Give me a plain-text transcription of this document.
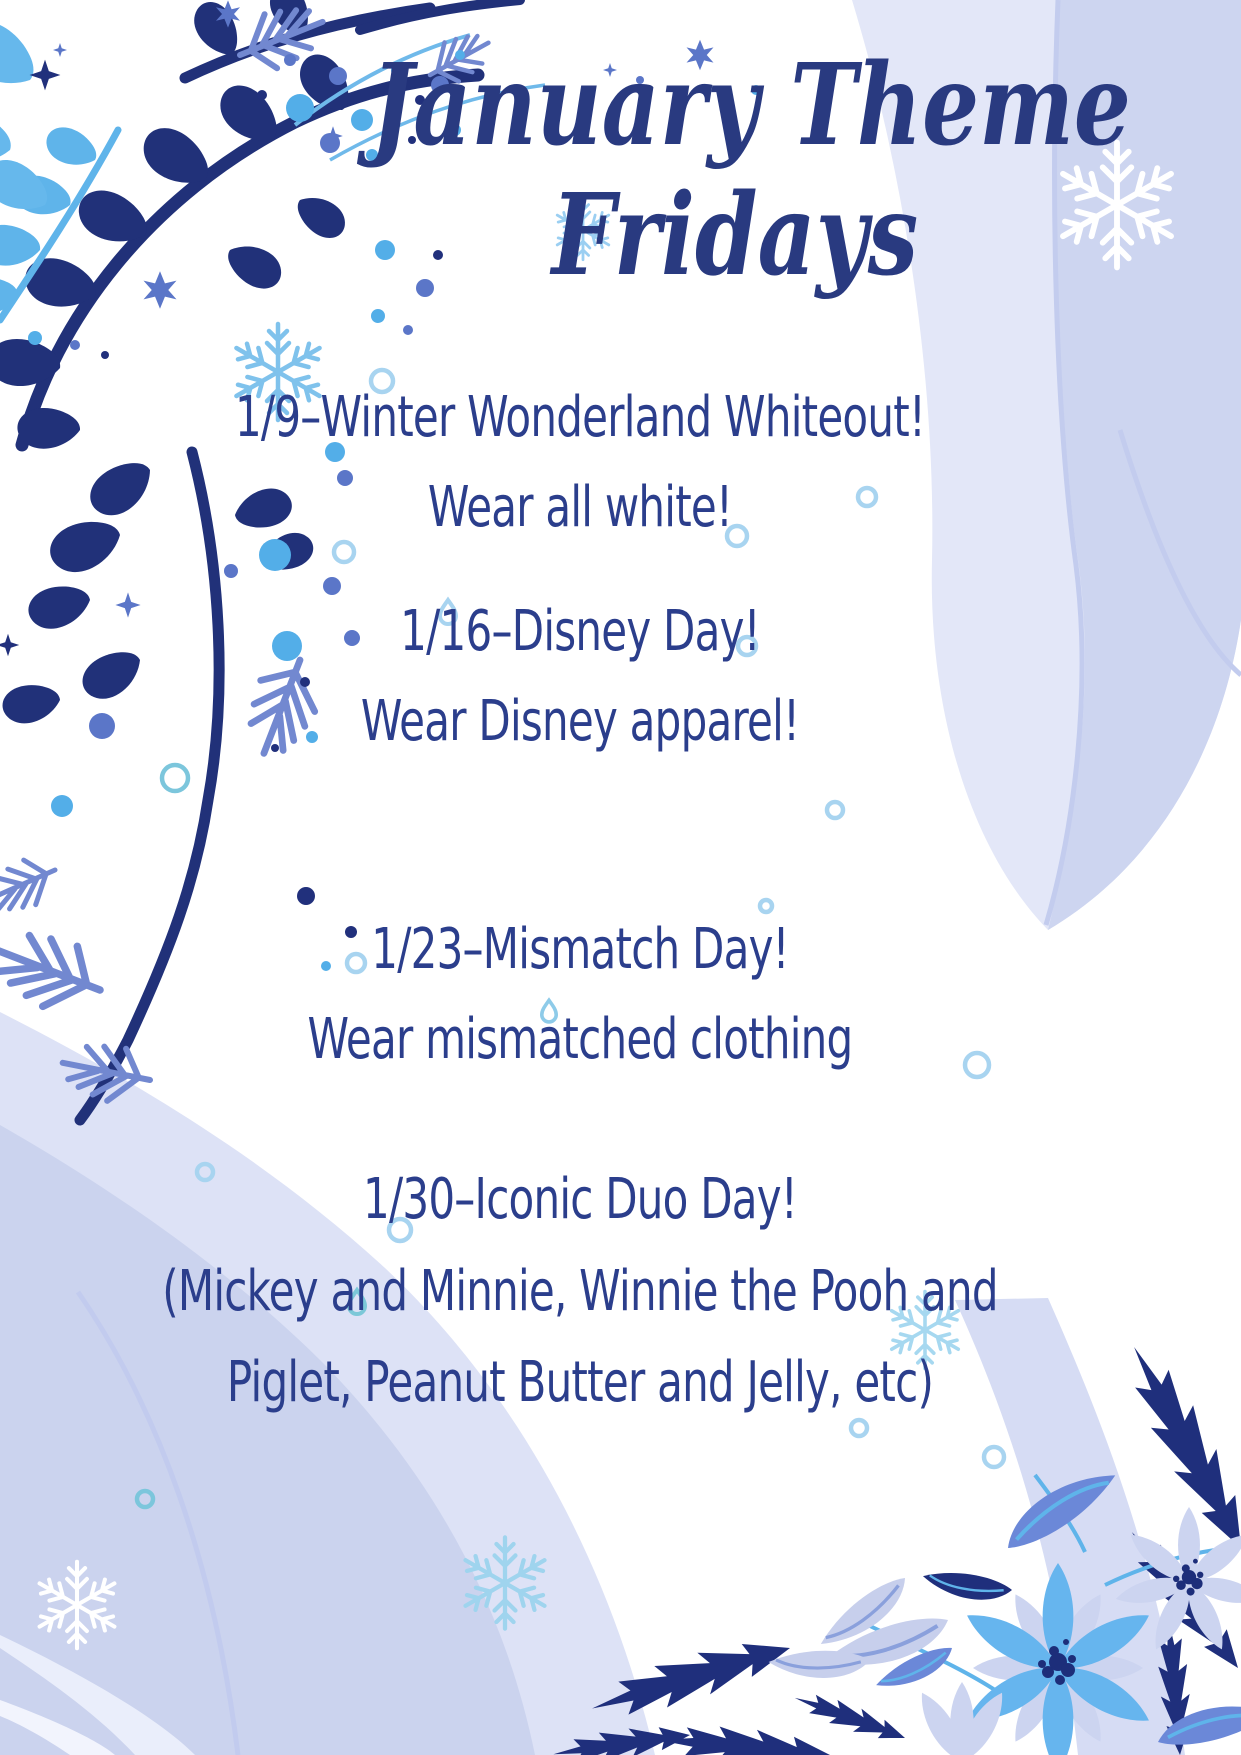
January Theme
Fridays
1/9–Winter Wonderland Whiteout!
Wear all white!
1/16–Disney Day!
Wear Disney apparel!
1/23–Mismatch Day!
Wear mismatched clothing
1/30–Iconic Duo Day!
(Mickey and Minnie, Winnie the Pooh and
Piglet, Peanut Butter and Jelly, etc)
